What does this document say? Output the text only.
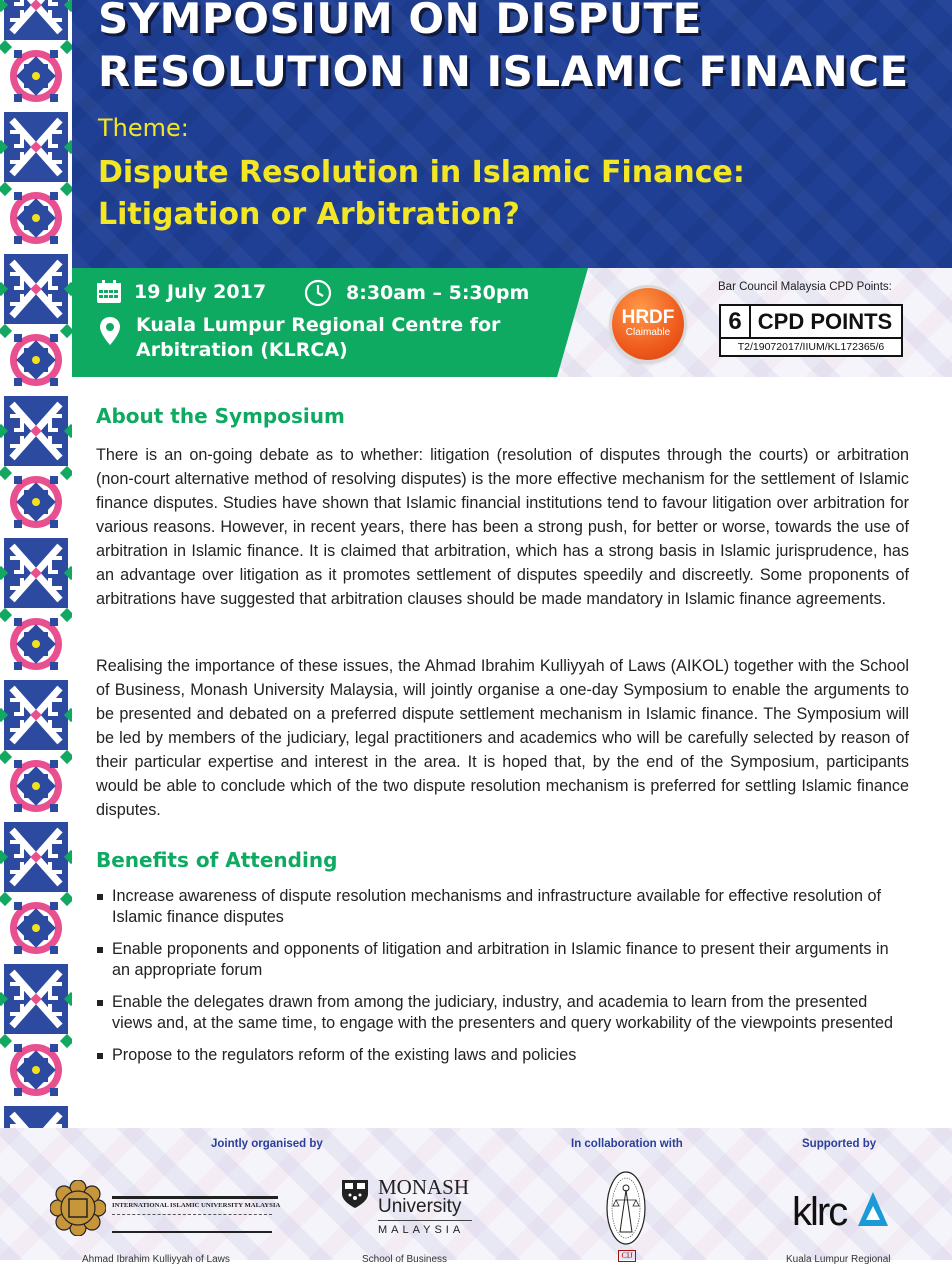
SYMPOSIUM ON DISPUTE
RESOLUTION IN ISLAMIC FINANCE
Theme:
Dispute Resolution in Islamic Finance:
Litigation or Arbitration?
19 July 2017	8:30am – 5:30pm
Kuala Lumpur Regional Centre for
Arbitration (KLRCA)
HRDF
Claimable
Bar Council Malaysia CPD Points:
6 CPD POINTS
T2/19072017/IIUM/KL172365/6
About the Symposium

There is an on-going debate as to whether: litigation (resolution of disputes through the courts) or arbitration (non-court alternative method of resolving disputes) is the more effective mechanism for the settlement of Islamic finance disputes. Studies have shown that Islamic financial institutions tend to favour litigation over arbitration for various reasons. However, in recent years, there has been a strong push, for better or worse, towards the use of arbitration in Islamic finance. It is claimed that arbitration, which has a strong basis in Islamic jurisprudence, has an advantage over litigation as it promotes settlement of disputes speedily and discreetly. Some proponents of arbitrations have suggested that arbitration clauses should be made mandatory in Islamic finance agreements.

Realising the importance of these issues, the Ahmad Ibrahim Kulliyyah of Laws (AIKOL) together with the School of Business, Monash University Malaysia, will jointly organise a one-day Symposium to enable the arguments to be presented and debated on a preferred dispute settlement mechanism in Islamic finance. The Symposium will be led by members of the judiciary, legal practitioners and academics who will be carefully selected by reason of their particular expertise and interest in the area. It is hoped that, by the end of the Symposium, participants would be able to conclude which of the two dispute resolution mechanism is preferred for settling Islamic finance disputes.

Benefits of Attending
Increase awareness of dispute resolution mechanisms and infrastructure available for effective resolution of Islamic finance disputes
Enable proponents and opponents of litigation and arbitration in Islamic finance to present their arguments in an appropriate forum
Enable the delegates drawn from among the judiciary, industry, and academia to learn from the presented views and, at the same time, to engage with the presenters and query workability of the viewpoints presented
Propose to the regulators reform of the existing laws and policies
Jointly organised by	In collaboration with	Supported by
INTERNATIONAL ISLAMIC UNIVERSITY MALAYSIA
MONASH
University
MALAYSIA
CIJ
klrc
Ahmad Ibrahim Kulliyyah of Laws	School of Business	Kuala Lumpur Regional
